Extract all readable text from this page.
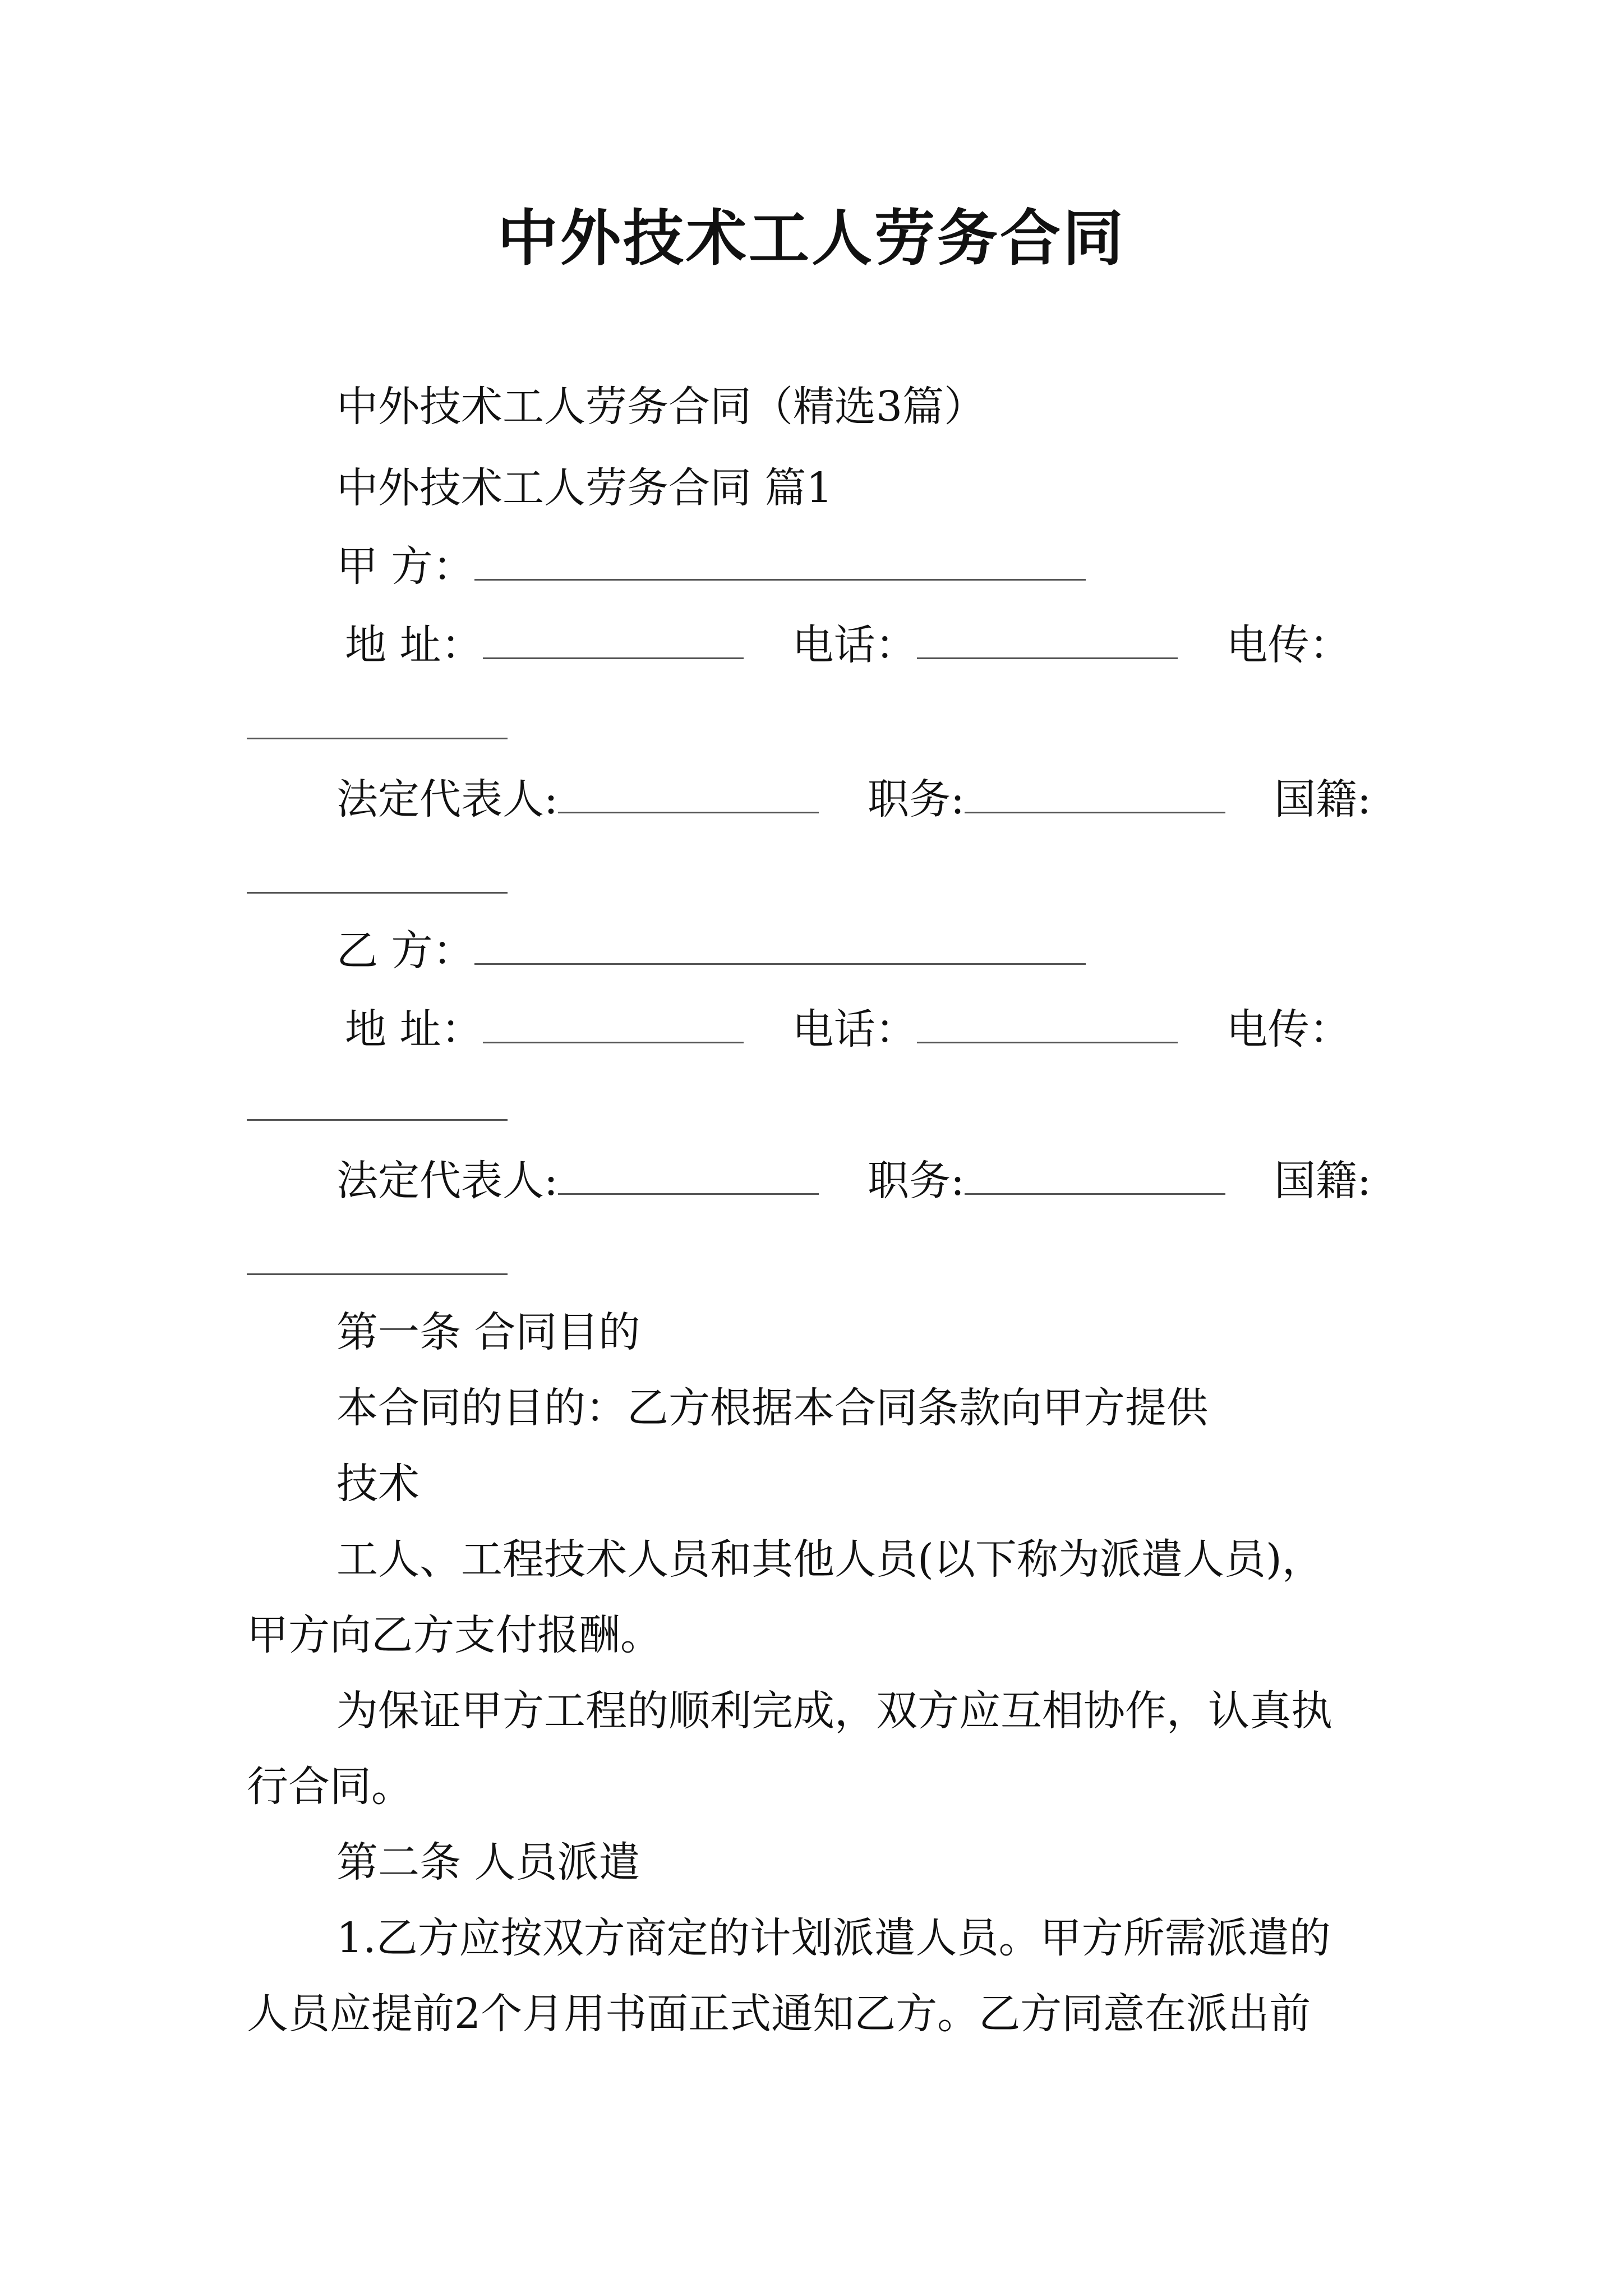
中外技术工人劳务合同
中外技术工人劳务合同（精选3篇）
中外技术工人劳务合同 篇1
甲 方：
地 址：	电话：	电传：
法定代表人:	职务:	国籍:
乙 方：
地 址：	电话：	电传：
法定代表人:	职务:	国籍:
第一条 合同目的
本合同的目的：乙方根据本合同条款向甲方提供
技术
工人、工程技术人员和其他人员(以下称为派遣人员)，
甲方向乙方支付报酬。
为保证甲方工程的顺利完成，双方应互相协作，认真执
行合同。
第二条 人员派遣
1.乙方应按双方商定的计划派遣人员。甲方所需派遣的
人员应提前2个月用书面正式通知乙方。乙方同意在派出前
